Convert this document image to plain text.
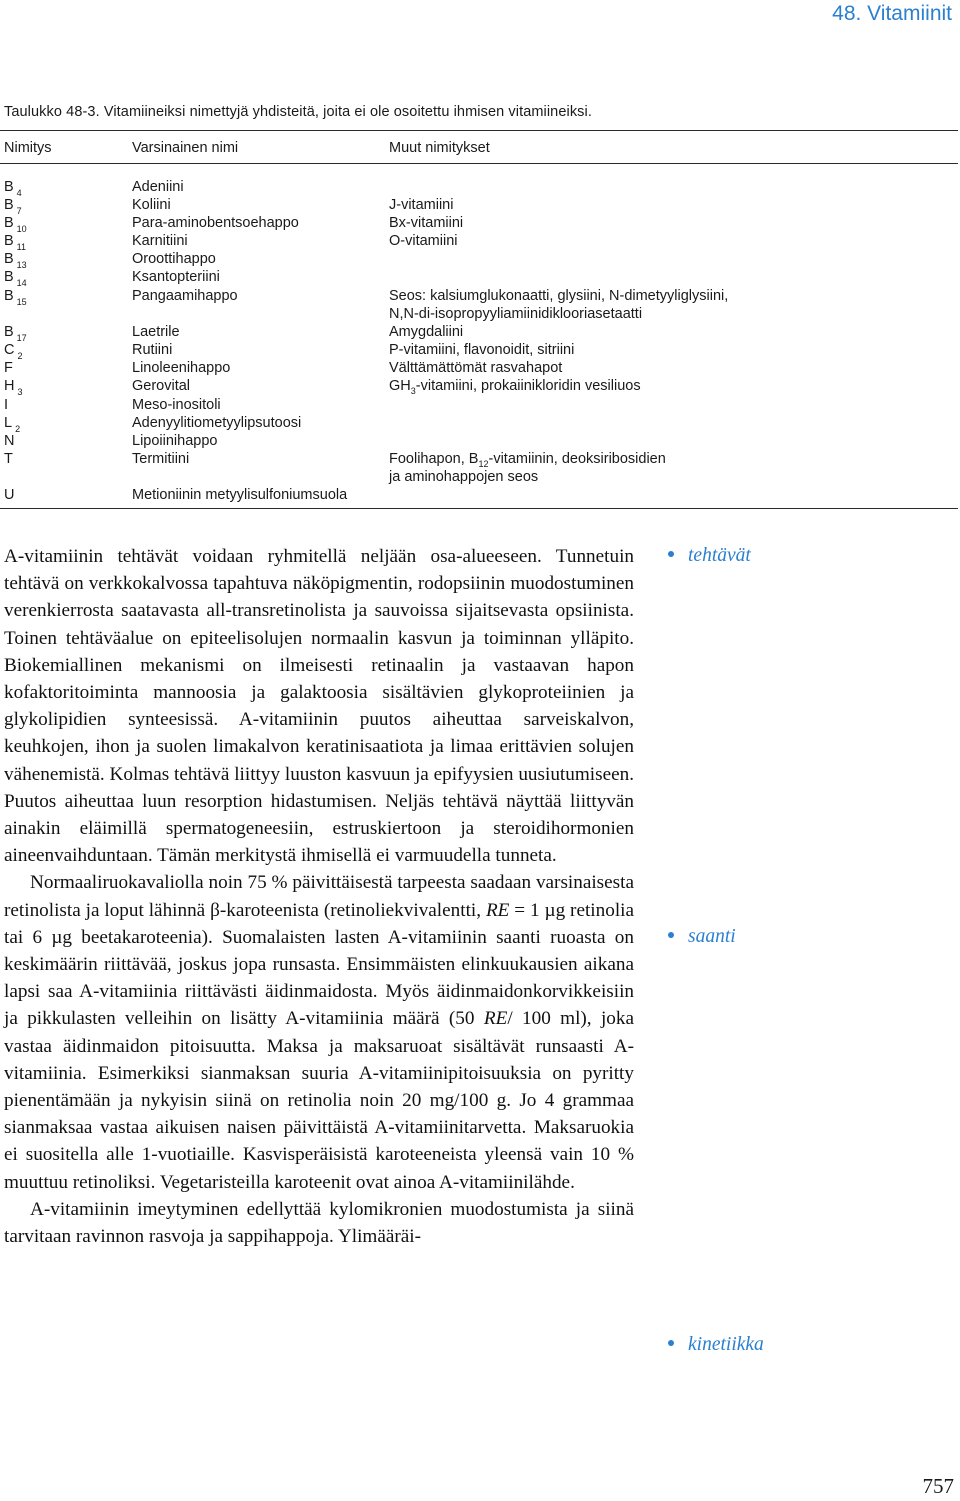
48. Vitamiinit
Taulukko 48-3. Vitamiineiksi nimettyjä yhdisteitä, joita ei ole osoitettu ihmisen vitamiineiksi.
Nimitys	Varsinainen nimi	Muut nimitykset
B $_4$	Adeniini
B $_7$	Koliini	J-vitamiini
B $_{10}$	Para-aminobentsoehappo	Bx-vitamiini
B $_{11}$	Karnitiini	O-vitamiini
B $_{13}$	Oroottihappo
B $_{14}$	Ksantopteriini
B $_{15}$	Pangaamihappo	Seos: kalsiumglukonaatti, glysiini, N-dimetyyliglysiini,
N,N-di-isopropyyliamiinidiklooriasetaatti
B $_{17}$	Laetrile	Amygdaliini
C $_2$	Rutiini	P-vitamiini, flavonoidit, sitriini
F	Linoleenihappo	Välttämättömät rasvahapot
H $_3$	Gerovital	$GH_3$-vitamiini, prokaiinikloridin vesiliuos
I	Meso-inositoli
L $_2$	Adenyylitiometyylipsutoosi
N	Lipoiinihappo
T	Termitiini	Foolihapon, $B_{12}$-vitamiinin, deoksiribosidien
ja aminohappojen seos
U	Metioniinin metyylisulfoniumsuola

A-vitamiinin tehtävät voidaan ryhmitellä neljään osa-alueeseen. Tunnetuin tehtävä on verkkokalvossa tapahtuva näköpigmentin, rodopsiinin muodostuminen verenkierrosta saatavasta all-transretinolista ja sauvoissa sijaitsevasta opsiinista. Toinen tehtäväalue on epiteelisolujen normaalin kasvun ja toiminnan ylläpito. Biokemiallinen mekanismi on ilmeisesti retinaalin ja vastaavan hapon kofaktoritoiminta mannoosia ja galaktoosia sisältävien glykoproteiinien ja glykolipidien synteesissä. A-vitamiinin puutos aiheuttaa sarveiskalvon, keuhkojen, ihon ja suolen limakalvon keratinisaatiota ja limaa erittävien solujen vähenemistä. Kolmas tehtävä liittyy luuston kasvuun ja epifyysien uusiutumiseen. Puutos aiheuttaa luun resorption hidastumisen. Neljäs tehtävä näyttää liittyvän ainakin eläimillä spermatogeneesiin, estruskiertoon ja steroidihormonien aineenvaihduntaan. Tämän merkitystä ihmisellä ei varmuudella tunneta.

Normaaliruokavaliolla noin 75 % päivittäisestä tarpeesta saadaan varsinaisesta retinolista ja loput lähinnä β-karoteenista (retinoliekvivalentti, RE = 1 µg retinolia tai 6 µg beetakaroteenia). Suomalaisten lasten A-vitamiinin saanti ruoasta on keskimäärin riittävää, joskus jopa runsasta. Ensimmäisten elinkuukausien aikana lapsi saa A-vitamiinia riittävästi äidinmaidosta. Myös äidinmaidonkorvikkeisiin ja pikkulasten velleihin on lisätty A-vitamiinia määrä (50 RE/ 100 ml), joka vastaa äidinmaidon pitoisuutta. Maksa ja maksaruoat sisältävät runsaasti A-vitamiinia. Esimerkiksi sianmaksan suuria A-vitamiinipitoisuuksia on pyritty pienentämään ja nykyisin siinä on retinolia noin 20 mg/100 g. Jo 4 grammaa sianmaksaa vastaa aikuisen naisen päivittäistä A-vitamiinitarvetta. Maksaruokia ei suositella alle 1-vuotiaille. Kasvisperäisistä karoteeneista yleensä vain 10 % muuttuu retinoliksi. Vegetaristeilla karoteenit ovat ainoa A-vitamiinilähde.

A-vitamiinin imeytyminen edellyttää kylomikronien muodostumista ja siinä tarvitaan ravinnon rasvoja ja sappihappoja. Ylimääräi-

tehtävät
saanti
kinetiikka
757
